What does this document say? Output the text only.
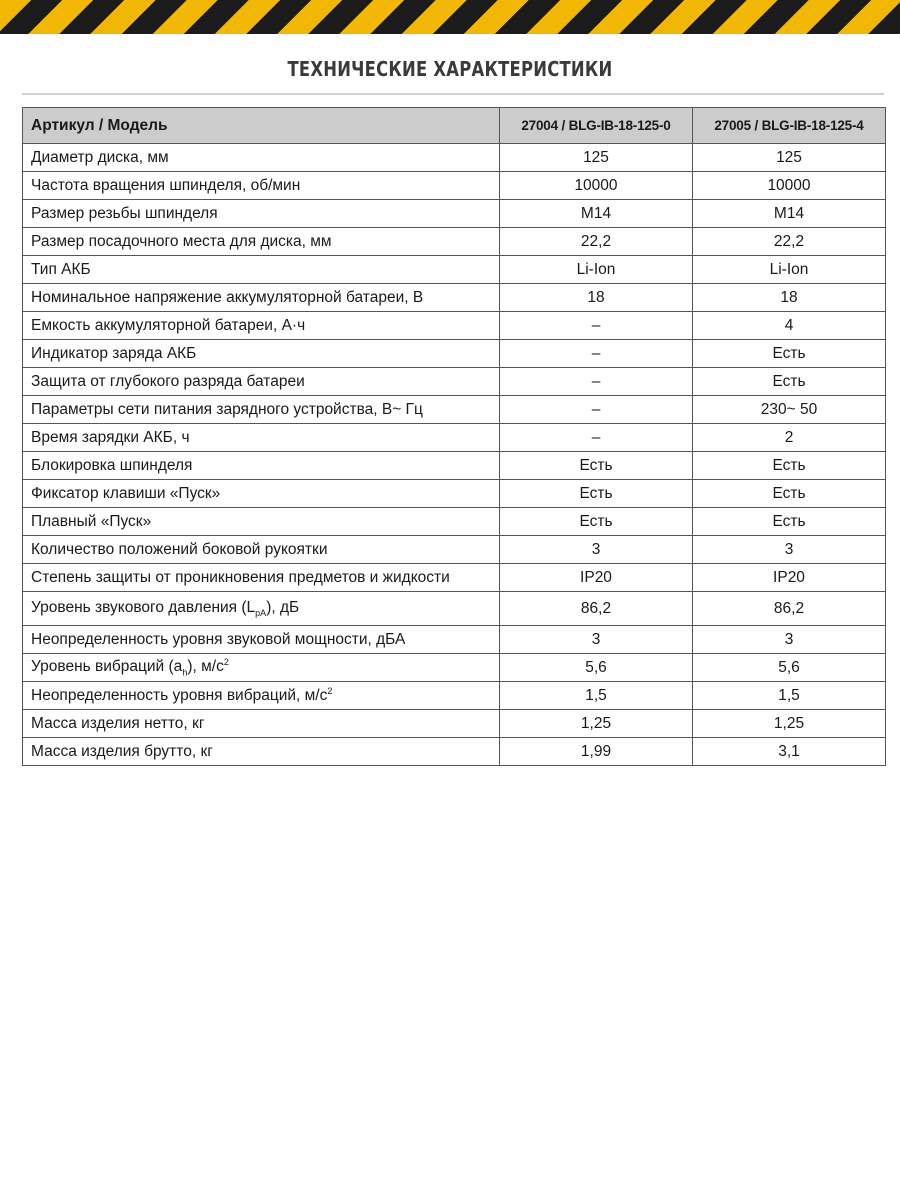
ТЕХНИЧЕСКИЕ ХАРАКТЕРИСТИКИ
Артикул / Модель	27004 / BLG-IB-18-125-0	27005 / BLG-IB-18-125-4
Диаметр диска, мм	125	125
Частота вращения шпинделя, об/мин	10000	10000
Размер резьбы шпинделя	М14	М14
Размер посадочного места для диска, мм	22,2	22,2
Тип АКБ	Li-Ion	Li-Ion
Номинальное напряжение аккумуляторной батареи, В	18	18
Емкость аккумуляторной батареи, А·ч	–	4
Индикатор заряда АКБ	–	Есть
Защита от глубокого разряда батареи	–	Есть
Параметры сети питания зарядного устройства, В~ Гц	–	230~ 50
Время зарядки АКБ, ч	–	2
Блокировка шпинделя	Есть	Есть
Фиксатор клавиши «Пуск»	Есть	Есть
Плавный «Пуск»	Есть	Есть
Количество положений боковой рукоятки	3	3
Степень защиты от проникновения предметов и жидкости	IP20	IP20
Уровень звукового давления $(L_{pA})$, дБ	86,2	86,2
Неопределенность уровня звуковой мощности, дБА	3	3
Уровень вибраций $(a_h)$, $м/с^2$	5,6	5,6
Неопределенность уровня вибраций, $м/с^2$	1,5	1,5
Масса изделия нетто, кг	1,25	1,25
Масса изделия брутто, кг	1,99	3,1
